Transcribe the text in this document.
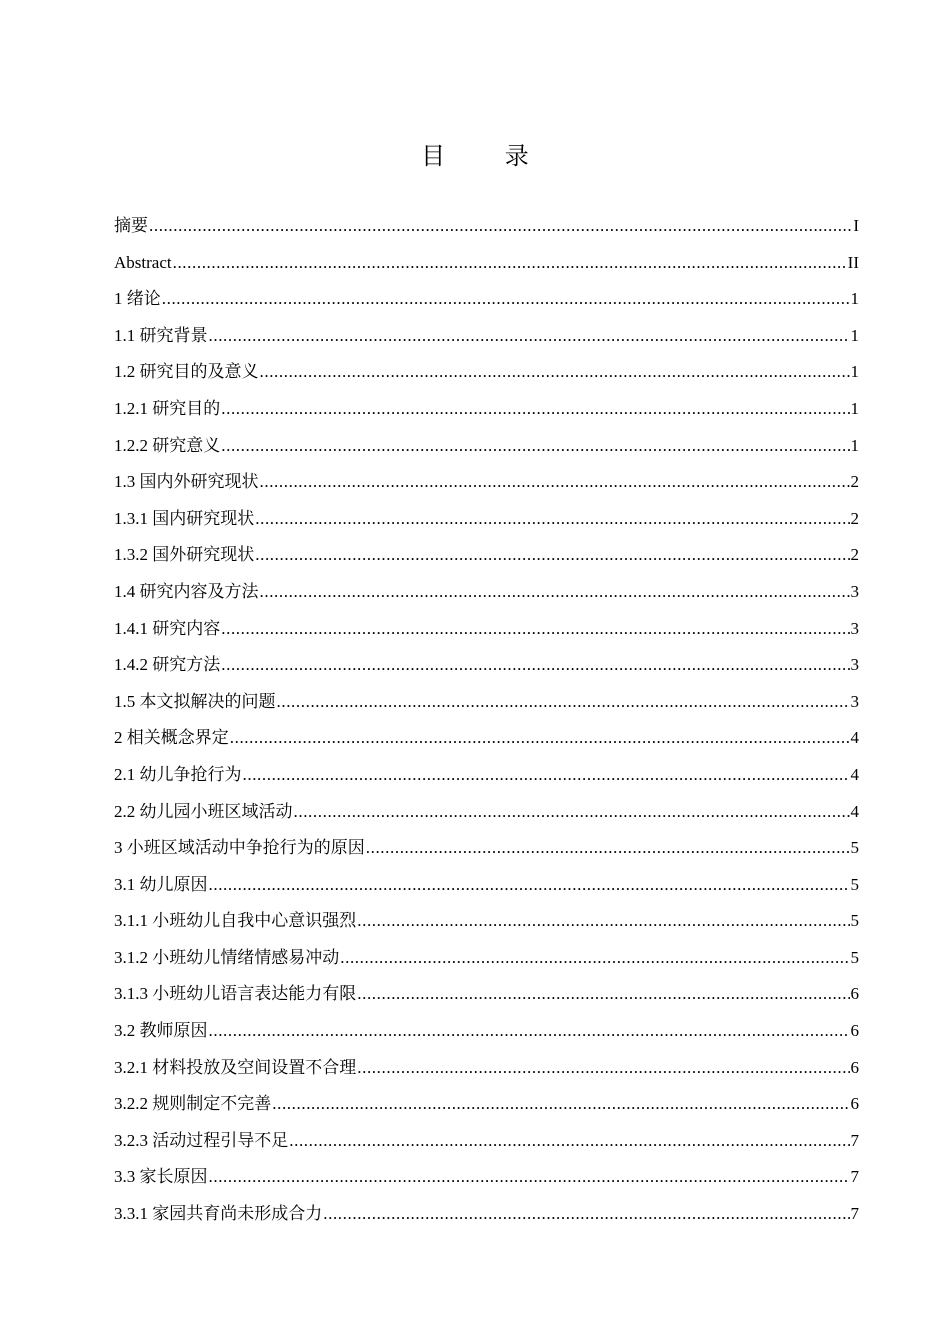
目 录
摘要 .....	I
Abstract .....	II
1 绪论 .....	1
1.1 研究背景 .....	1
1.2 研究目的及意义 .....	1
1.2.1 研究目的 .....	1
1.2.2 研究意义 .....	1
1.3 国内外研究现状 .....	2
1.3.1 国内研究现状 .....	2
1.3.2 国外研究现状 .....	2
1.4 研究内容及方法 .....	3
1.4.1 研究内容 .....	3
1.4.2 研究方法 .....	3
1.5 本文拟解决的问题 .....	3
2 相关概念界定 .....	4
2.1 幼儿争抢行为 .....	4
2.2 幼儿园小班区域活动 .....	4
3 小班区域活动中争抢行为的原因 .....	5
3.1 幼儿原因 .....	5
3.1.1 小班幼儿自我中心意识强烈 .....	5
3.1.2 小班幼儿情绪情感易冲动 .....	5
3.1.3 小班幼儿语言表达能力有限 .....	6
3.2 教师原因 .....	6
3.2.1 材料投放及空间设置不合理 .....	6
3.2.2 规则制定不完善 .....	6
3.2.3 活动过程引导不足 .....	7
3.3 家长原因 .....	7
3.3.1 家园共育尚未形成合力 .....	7
